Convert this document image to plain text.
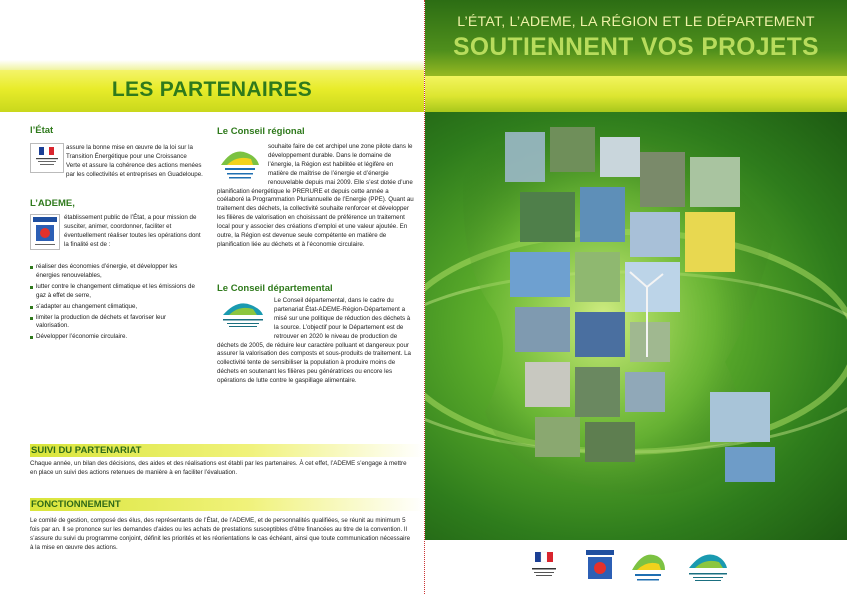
LES PARTENAIRES
l’État
assure la bonne mise en œuvre de la loi sur la Transition Énergétique pour une Croissance Verte et assure la cohérence des actions menées par les collectivités et entreprises en Guadeloupe.
L’ADEME,
établissement public de l’État, a pour mission de susciter, animer, coordonner, faciliter et éventuellement réaliser toutes les opérations dont la finalité est de :
réaliser des économies d’énergie, et développer les énergies renouvelables,
lutter contre le changement climatique et les émissions de gaz à effet de serre,
s’adapter au changement climatique,
limiter la production de déchets et favoriser leur valorisation.
Développer l’économie circulaire.
Le Conseil régional
souhaite faire de cet archipel une zone pilote dans le développement durable. Dans le domaine de l’énergie, la Région est habilitée et légifère en matière de maîtrise de l’énergie et d’énergie renouvelable depuis mai 2009. Elle s’est dotée d’une planification énergétique le PRERURE et depuis cette année a coélaboré la Programmation Pluriannuelle de l’Energie (PPE). Quant au traitement des déchets, la collectivité souhaite renforcer et développer les filières de valorisation en choisissant de préférence un traitement local pour y associer des créations d’emploi et une valeur ajoutée. En outre, la Région est devenue seule compétente en matière de planification liée au déchets et à l’économie circulaire.
Le Conseil départemental
Le Conseil départemental, dans le cadre du partenariat État-ADEME-Région-Département a misé sur une politique de réduction des déchets à la source. L’objectif pour le Département est de retrouver en 2020 le niveau de production de déchets de 2005, de réduire leur caractère polluant et dangereux pour assurer la valorisation des composts et sous-produits de traitement. La collectivité tente de sensibiliser la population à produire moins de déchets en soutenant les filières peu génératrices ou encore les opérations de lutte contre le gaspillage alimentaire.
SUIVI DU PARTENARIAT
Chaque année, un bilan des décisions, des aides et des réalisations est établi par les partenaires. À cet effet, l’ADEME s’engage à mettre en place un suivi des actions retenues de manière à en faciliter l’évaluation.
FONCTIONNEMENT
Le comité de gestion, composé des élus, des représentants de l’État, de l’ADEME, et de personnalités qualifiées, se réunit au minimum 5 fois par an. Il se prononce sur les demandes d’aides ou les achats de prestations susceptibles d’être financées au titre de la convention. Il s’assure du suivi du programme conjoint, définit les priorités et les réorientations le cas échéant, ainsi que toute communication nécessaire à la mise en œuvre des actions.
L’ÉTAT, L’ADEME, LA RÉGION ET LE DÉPARTEMENT
SOUTIENNENT VOS PROJETS
